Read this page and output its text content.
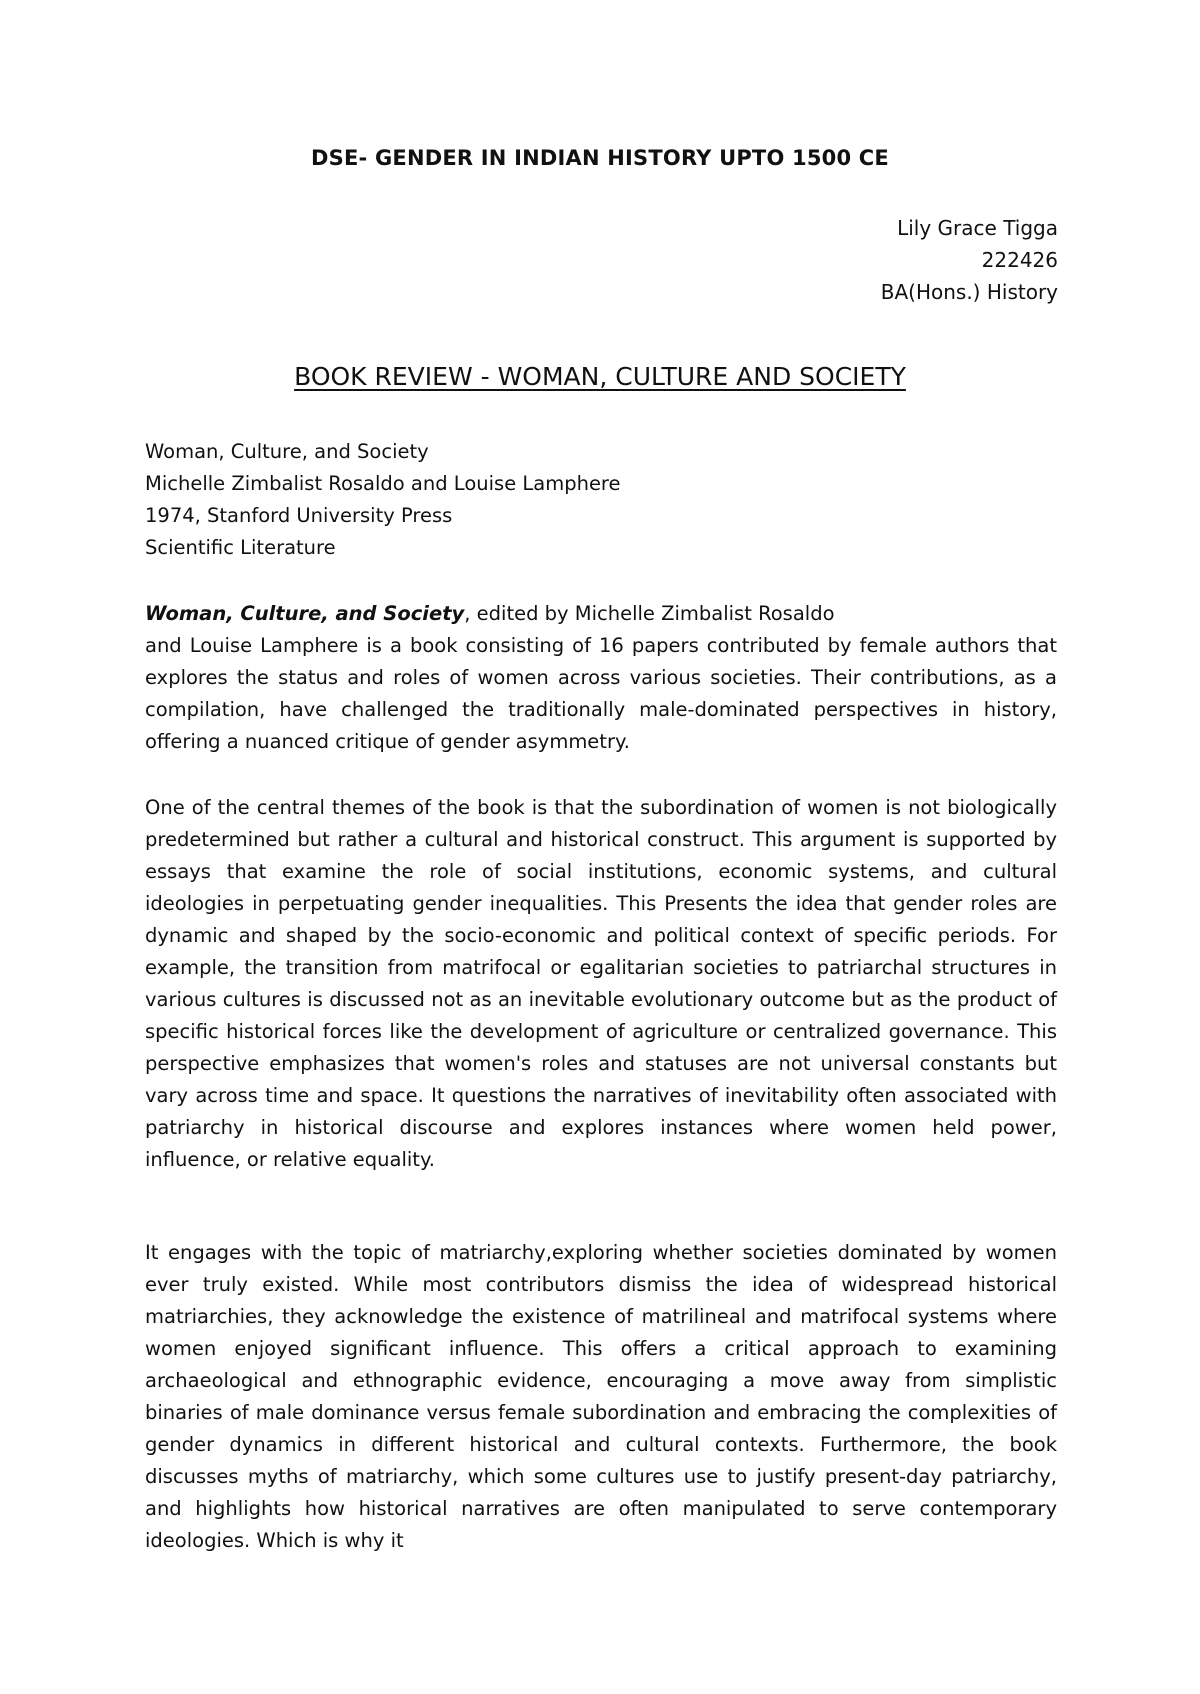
DSE- GENDER IN INDIAN HISTORY UPTO 1500 CE
Lily Grace Tigga
222426
BA(Hons.) History
BOOK REVIEW - WOMAN, CULTURE AND SOCIETY
Woman, Culture, and Society
Michelle Zimbalist Rosaldo and Louise Lamphere
1974, Stanford University Press
Scientific Literature

Woman, Culture, and Society, edited by Michelle Zimbalist Rosaldo

and Louise Lamphere is a book consisting of 16 papers contributed by female authors that explores the status and roles of women across various societies. Their contributions, as a compilation, have challenged the traditionally male-dominated perspectives in history, offering a nuanced critique of gender asymmetry.

One of the central themes of the book is that the subordination of women is not biologically predetermined but rather a cultural and historical construct. This argument is supported by essays that examine the role of social institutions, economic systems, and cultural ideologies in perpetuating gender inequalities. This Presents the idea that gender roles are dynamic and shaped by the socio-economic and political context of specific periods. For example, the transition from matrifocal or egalitarian societies to patriarchal structures in various cultures is discussed not as an inevitable evolutionary outcome but as the product of specific historical forces like the development of agriculture or centralized governance. This perspective emphasizes that women's roles and statuses are not universal constants but vary across time and space. It questions the narratives of inevitability often associated with patriarchy in historical discourse and explores instances where women held power, influence, or relative equality.

It engages with the topic of matriarchy,exploring whether societies dominated by women ever truly existed. While most contributors dismiss the idea of widespread historical matriarchies, they acknowledge the existence of matrilineal and matrifocal systems where women enjoyed significant influence. This offers a critical approach to examining archaeological and ethnographic evidence, encouraging a move away from simplistic binaries of male dominance versus female subordination and embracing the complexities of gender dynamics in different historical and cultural contexts. Furthermore, the book discusses myths of matriarchy, which some cultures use to justify present-day patriarchy, and highlights how historical narratives are often manipulated to serve contemporary ideologies. Which is why it
